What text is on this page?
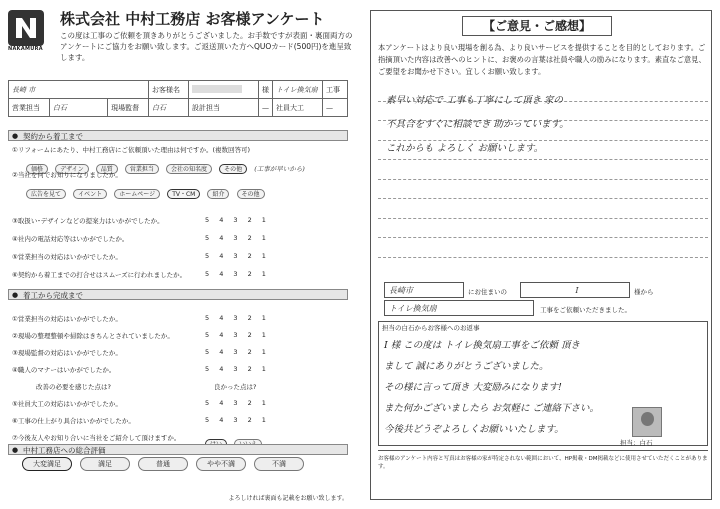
NAKAMURA
株式会社 中村工務店 お客様アンケート
この度は工事のご依頼を頂きありがとうございました。お手数ですが表面・裏面両方のアンケートにご協力をお願い致します。ご返送頂いた方へQUOカード(500円)を進呈致します。
長崎 市			お客様名		様	トイレ換気扇	工事
営業担当	白石	現場監督	白石	設計担当	—	社員大工	—
● 契約から着工まで
①リフォームにあたり、中村工務店にご依頼頂いた理由は何ですか。(複数回答可)
価格	デザイン	品質	営業担当	会社の知名度	その他 (工事が早いから)
②当社を何でお知りになりましたか。
広告を見て	イベント	ホームページ	TV・CM	紹介	その他
③取扱い･デザインなどの提案力はいかがでしたか。	5 4 3 2 1
④社内の電話対応等はいかがでしたか。	5 4 3 2 1
⑤営業担当の対応はいかがでしたか。	5 4 3 2 1
⑥契約から着工までの打合せはスムーズに行われましたか。	5 4 3 2 1
● 着工から完成まで
①営業担当の対応はいかがでしたか。	5 4 3 2 1
②現場の整理整頓や掃除はきちんとされていましたか。	5 4 3 2 1
③現場監督の対応はいかがでしたか。	5 4 3 2 1
④職人のマナーはいかがでしたか。	5 4 3 2 1
改善の必要を感じた点は?	良かった点は?
⑤社員大工の対応はいかがでしたか。	5 4 3 2 1
⑥工事の仕上がり具合はいかがでしたか。	5 4 3 2 1
⑦今後友人やお知り合いに当社をご紹介して頂けますか。

● 中村工務店への総合評価
大変満足	満足	普通	やや不満	不満
よろしければ裏面も記載をお願い致します。
【ご意見・ご感想】
本アンケートはより良い現場を創る為、より良いサービスを提供することを目的としております。ご指摘頂いた内容は改善へのヒントに、お褒めの言葉は社員や職人の励みになります。素直なご意見、ご要望をお聞かせ下さい。宜しくお願い致します。
素早い対応で 工事も丁寧にして頂き 家の
不具合をすぐに相談でき 助かっています。
これからも よろしく お願いします。
長崎市	にお住まいの	I	様から
トイレ換気扇	工事をご依頼いただきました。
担当の白石からお客様へのお返事
I 様 この度は トイレ換気扇工事をご依頼 頂き
まして 誠にありがとうございました。
その様に言って頂き 大変励みになります!
また何かございましたら お気軽に ご連絡下さい。
今後共どうぞよろしくお願いいたします。
担当：白石
お客様のアンケート内容と写真はお客様の家が特定されない範囲において、HP掲載・DM掲載などに使用させていただくことがあります。
